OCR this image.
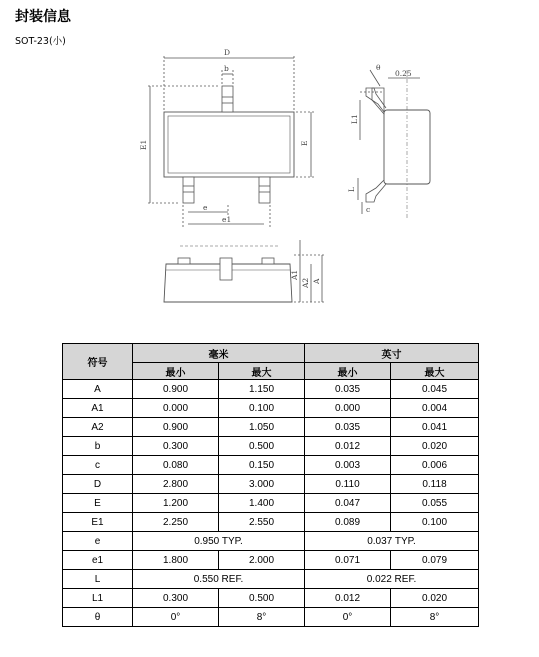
封装信息
SOT-23(小)
D
b
E1	E
e
e1
θ
0.25
L1
L
c
A1
A2 A
符号	毫米		英寸	
	最小	最大	最小	最大
A	0.900	1.150	0.035	0.045
A1	0.000	0.100	0.000	0.004
A2	0.900	1.050	0.035	0.041
b	0.300	0.500	0.012	0.020
c	0.080	0.150	0.003	0.006
D	2.800	3.000	0.110	0.118
E	1.200	1.400	0.047	0.055
E1	2.250	2.550	0.089	0.100
e	0.950 TYP.		0.037 TYP.	
e1	1.800	2.000	0.071	0.079
L	0.550 REF.		0.022 REF.	
L1	0.300	0.500	0.012	0.020
θ	0°	8°	0°	8°
